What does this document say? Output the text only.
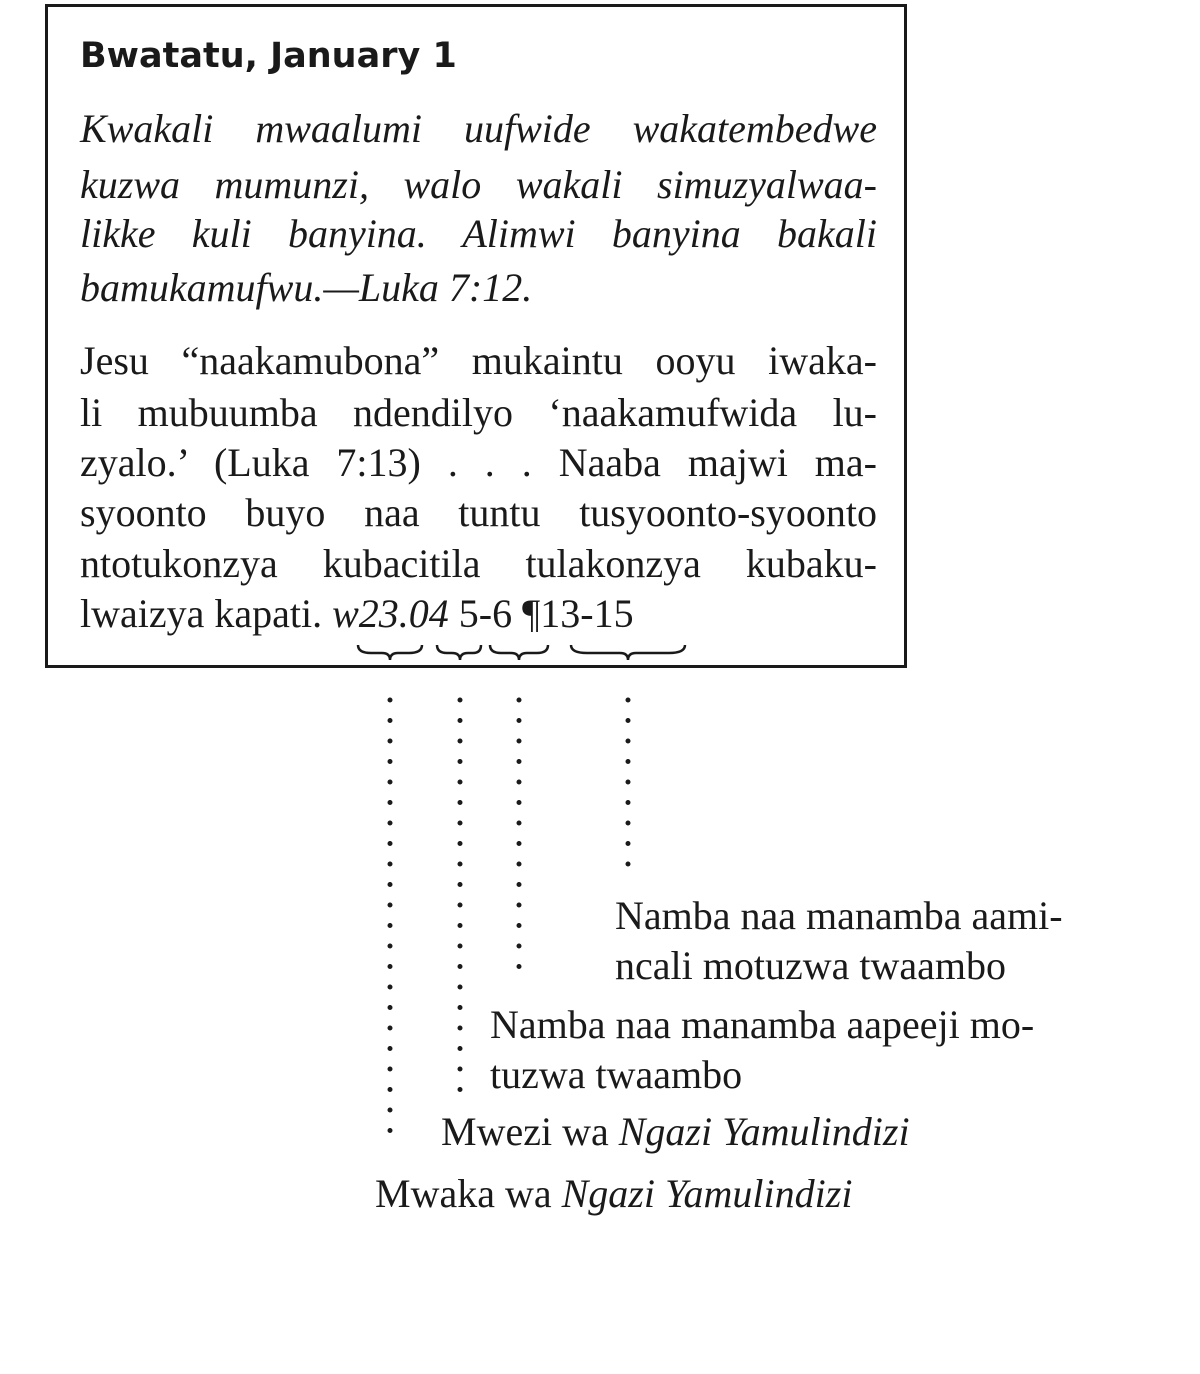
Bwatatu, January 1
Kwakali mwaalumi uufwide wakatembedwe
kuzwa mumunzi, walo wakali simuzyalwaa-
likke kuli banyina. Alimwi banyina bakali
bamukamufwu.—Luka 7:12.
Jesu “naakamubona” mukaintu ooyu iwaka-
li mubuumba ndendilyo ‘naakamufwida lu-
zyalo.’ (Luka 7:13) . . . Naaba majwi ma-
syoonto buyo naa tuntu tusyoonto-syoonto
ntotukonzya kubacitila tulakonzya kubaku-
lwaizya kapati. w23.04 5-6 ¶13-15
Namba naa manamba aami-
ncali motuzwa twaambo
Namba naa manamba aapeeji mo-
tuzwa twaambo
Mwezi wa Ngazi Yamulindizi
Mwaka wa Ngazi Yamulindizi
